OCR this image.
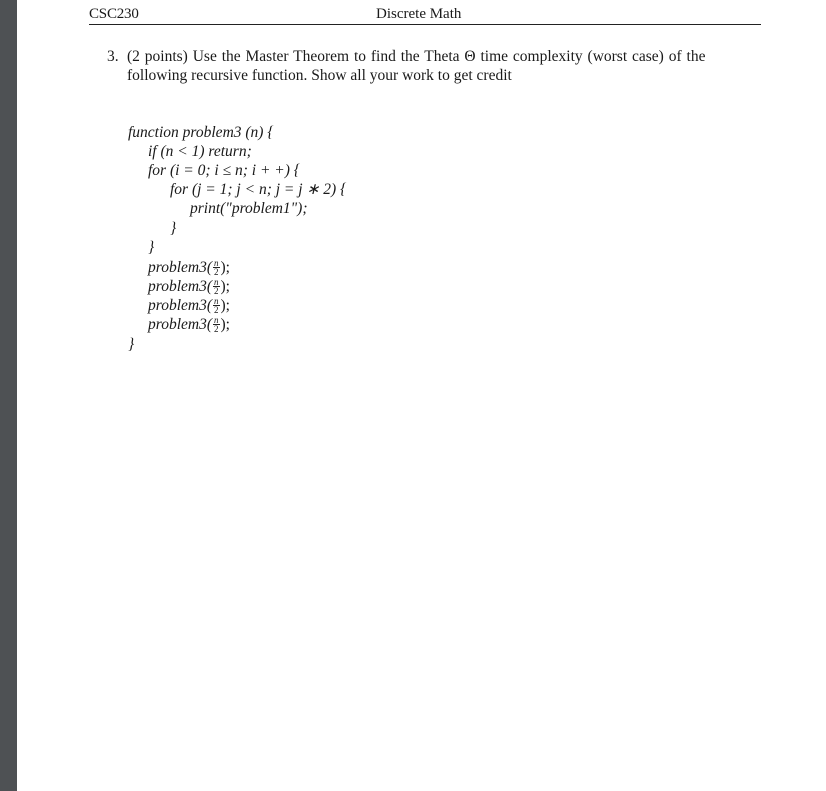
CSC230	Discrete Math
3. (2 points) Use the Master Theorem to find the Theta Θ time complexity (worst case) of the
following recursive function. Show all your work to get credit
function problem3 (n) {
if (n < 1) return;
for (i = 0; i ≤ n; i + +) {
for (j = 1; j < n; j = j ∗ 2) {
print("problem1");
}
}
problem3( $\frac{n}{2}$ );
problem3( $\frac{n}{2}$ );
problem3( $\frac{n}{2}$ );
problem3( $\frac{n}{2}$ );
}
